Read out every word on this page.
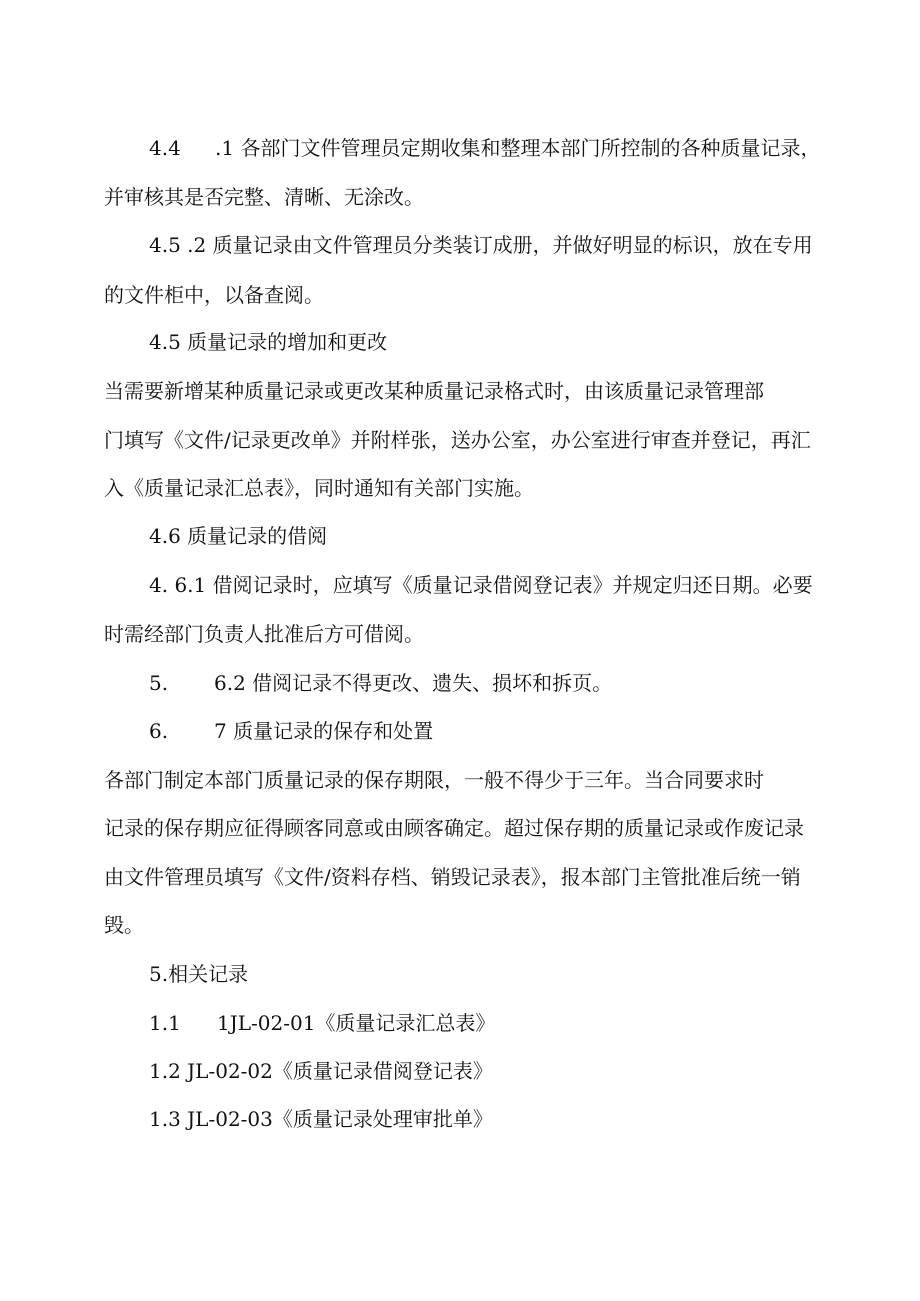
4.4 .1 各部门文件管理员定期收集和整理本部门所控制的各种质量记录，
并审核其是否完整、清晰、无涂改。
4.5 .2 质量记录由文件管理员分类装订成册，并做好明显的标识，放在专用
的文件柜中，以备查阅。
4.5 质量记录的增加和更改
当需要新增某种质量记录或更改某种质量记录格式时，由该质量记录管理部
门填写《文件/记录更改单》并附样张，送办公室，办公室进行审查并登记，再汇
入《质量记录汇总表》，同时通知有关部门实施。
4.6 质量记录的借阅
4. 6.1 借阅记录时，应填写《质量记录借阅登记表》并规定归还日期。必要
时需经部门负责人批准后方可借阅。
5. 6.2 借阅记录不得更改、遗失、损坏和拆页。
6. 7 质量记录的保存和处置
各部门制定本部门质量记录的保存期限，一般不得少于三年。当合同要求时
记录的保存期应征得顾客同意或由顾客确定。超过保存期的质量记录或作废记录
由文件管理员填写《文件/资料存档、销毁记录表》，报本部门主管批准后统一销
毁。
5.相关记录
1.1 1JL-02-01《质量记录汇总表》
1.2 JL-02-02《质量记录借阅登记表》
1.3 JL-02-03《质量记录处理审批单》
